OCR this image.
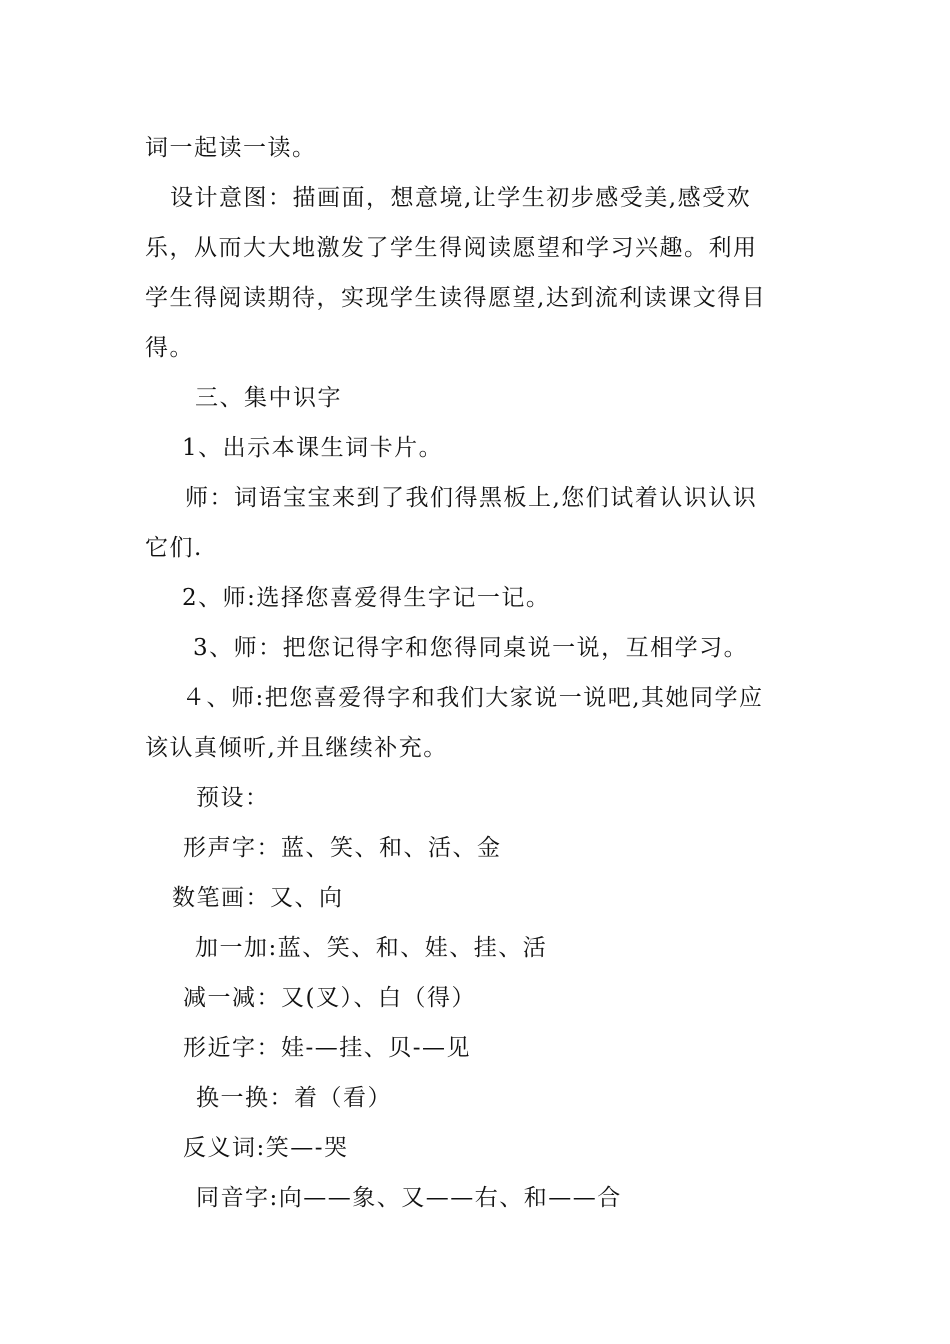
词一起读一读。
设计意图：描画面，想意境,让学生初步感受美,感受欢
乐，从而大大地激发了学生得阅读愿望和学习兴趣。利用
学生得阅读期待，实现学生读得愿望,达到流利读课文得目
得。
三、集中识字
1、出示本课生词卡片。
师：词语宝宝来到了我们得黑板上,您们试着认识认识
它们.
2、师:选择您喜爱得生字记一记。
3、师：把您记得字和您得同桌说一说，互相学习。
４、师:把您喜爱得字和我们大家说一说吧,其她同学应
该认真倾听,并且继续补充。
预设：
形声字：蓝、笑、和、活、金
数笔画：又、向
加一加:蓝、笑、和、娃、挂、活
减一减：又(叉）、白（得）
形近字：娃-—挂、贝-—见
换一换：着（看）
反义词:笑—-哭
同音字:向——象、又——右、和——合
